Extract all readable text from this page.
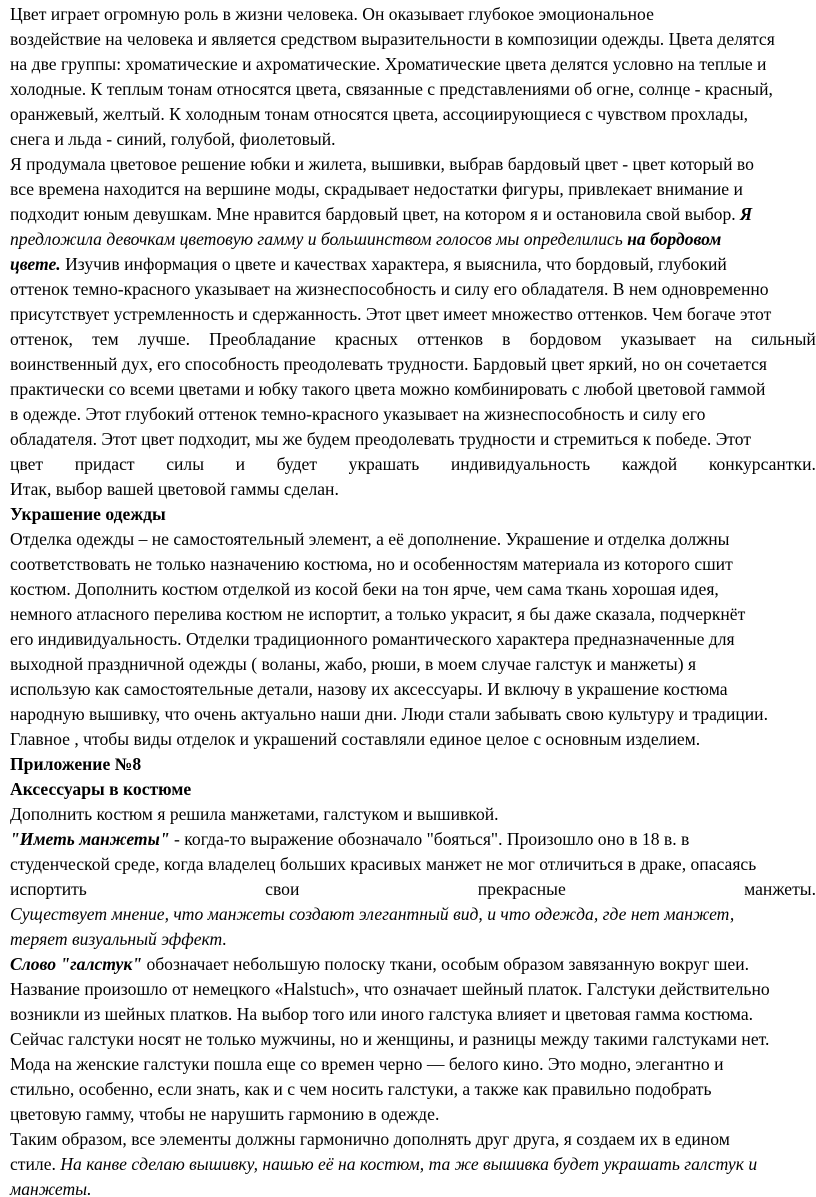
Цвет играет огромную роль в жизни человека. Он оказывает глубокое эмоциональное
воздействие на человека и является средством выразительности в композиции одежды. Цвета делятся
на две группы: хроматические и ахроматические. Хроматические цвета делятся условно на теплые и
холодные. К теплым тонам относятся цвета, связанные с представлениями об огне, солнце - красный,
оранжевый, желтый. К холодным тонам относятся цвета, ассоциирующиеся с чувством прохлады,
снега и льда - синий, голубой, фиолетовый.
Я продумала цветовое решение юбки и жилета, вышивки, выбрав бардовый цвет - цвет который во
все времена находится на вершине моды, скрадывает недостатки фигуры, привлекает внимание и
подходит юным девушкам. Мне нравится бардовый цвет, на котором я и остановила свой выбор. Я
предложила девочкам цветовую гамму и большинством голосов мы определились на бордовом
цвете. Изучив информация о цвете и качествах характера, я выяснила, что бордовый, глубокий
оттенок темно-красного указывает на жизнеспособность и силу его обладателя. В нем одновременно
присутствует устремленность и сдержанность. Этот цвет имеет множество оттенков. Чем богаче этот
оттенок, тем лучше. Преобладание красных оттенков в бордовом указывает на сильный
воинственный дух, его способность преодолевать трудности. Бардовый цвет яркий, но он сочетается
практически со всеми цветами и юбку такого цвета можно комбинировать с любой цветовой гаммой
в одежде. Этот глубокий оттенок темно-красного указывает на жизнеспособность и силу его
обладателя. Этот цвет подходит, мы же будем преодолевать трудности и стремиться к победе. Этот
цвет придаст силы и будет украшать индивидуальность каждой конкурсантки.
Итак, выбор вашей цветовой гаммы сделан.
Украшение одежды
Отделка одежды – не самостоятельный элемент, а её дополнение. Украшение и отделка должны
соответствовать не только назначению костюма, но и особенностям материала из которого сшит
костюм. Дополнить костюм отделкой из косой беки на тон ярче, чем сама ткань хорошая идея,
немного атласного перелива костюм не испортит, а только украсит, я бы даже сказала, подчеркнёт
его индивидуальность. Отделки традиционного романтического характера предназначенные для
выходной праздничной одежды ( воланы, жабо, рюши, в моем случае галстук и манжеты) я
использую как самостоятельные детали, назову их аксессуары. И включу в украшение костюма
народную вышивку, что очень актуально наши дни. Люди стали забывать свою культуру и традиции.
Главное , чтобы виды отделок и украшений составляли единое целое с основным изделием.
Приложение №8
Аксессуары в костюме
Дополнить костюм я решила манжетами, галстуком и вышивкой.
"Иметь манжеты" - когда-то выражение обозначало "бояться". Произошло оно в 18 в. в
студенческой среде, когда владелец больших красивых манжет не мог отличиться в драке, опасаясь
испортить	свои	прекрасные	манжеты.
Существует мнение, что манжеты создают элегантный вид, и что одежда, где нет манжет,
теряет визуальный эффект.
Слово "галстук" обозначает небольшую полоску ткани, особым образом завязанную вокруг шеи.
Название произошло от немецкого «Halstuch», что означает шейный платок. Галстуки действительно
возникли из шейных платков. На выбор того или иного галстука влияет и цветовая гамма костюма.
Сейчас галстуки носят не только мужчины, но и женщины, и разницы между такими галстуками нет.
Мода на женские галстуки пошла еще со времен черно — белого кино. Это модно, элегантно и
стильно, особенно, если знать, как и с чем носить галстуки, а также как правильно подобрать
цветовую гамму, чтобы не нарушить гармонию в одежде.
Таким образом, все элементы должны гармонично дополнять друг друга, я создаем их в едином
стиле. На канве сделаю вышивку, нашью её на костюм, та же вышивка будет украшать галстук и
манжеты.
